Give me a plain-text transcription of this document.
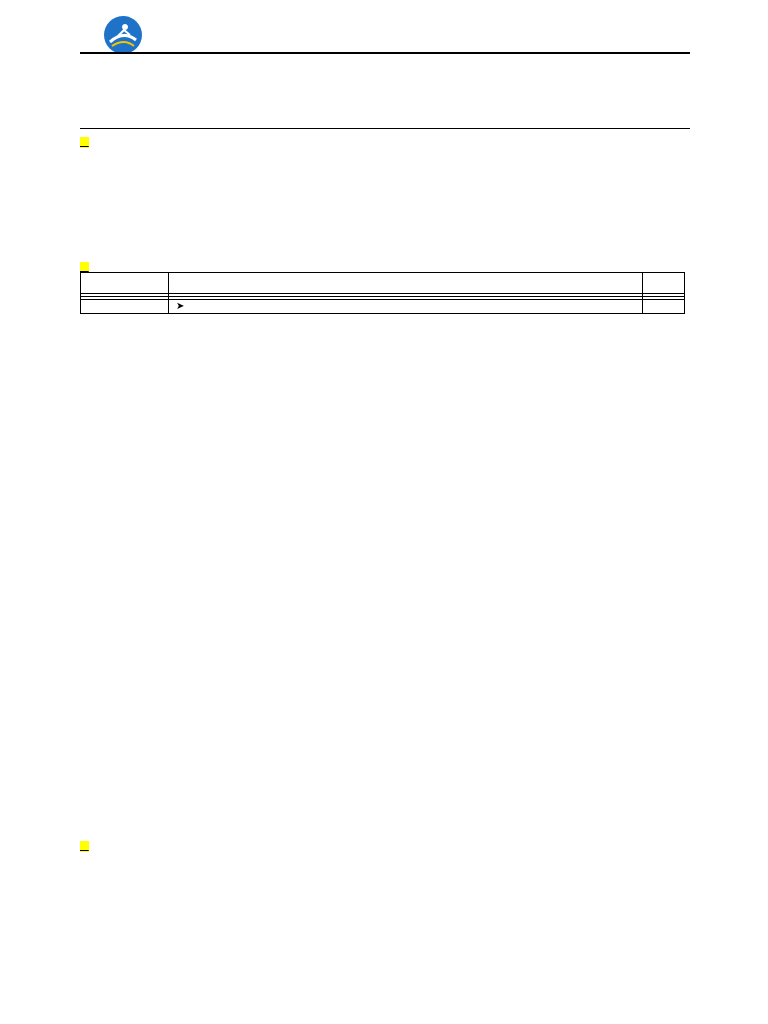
	➤	
